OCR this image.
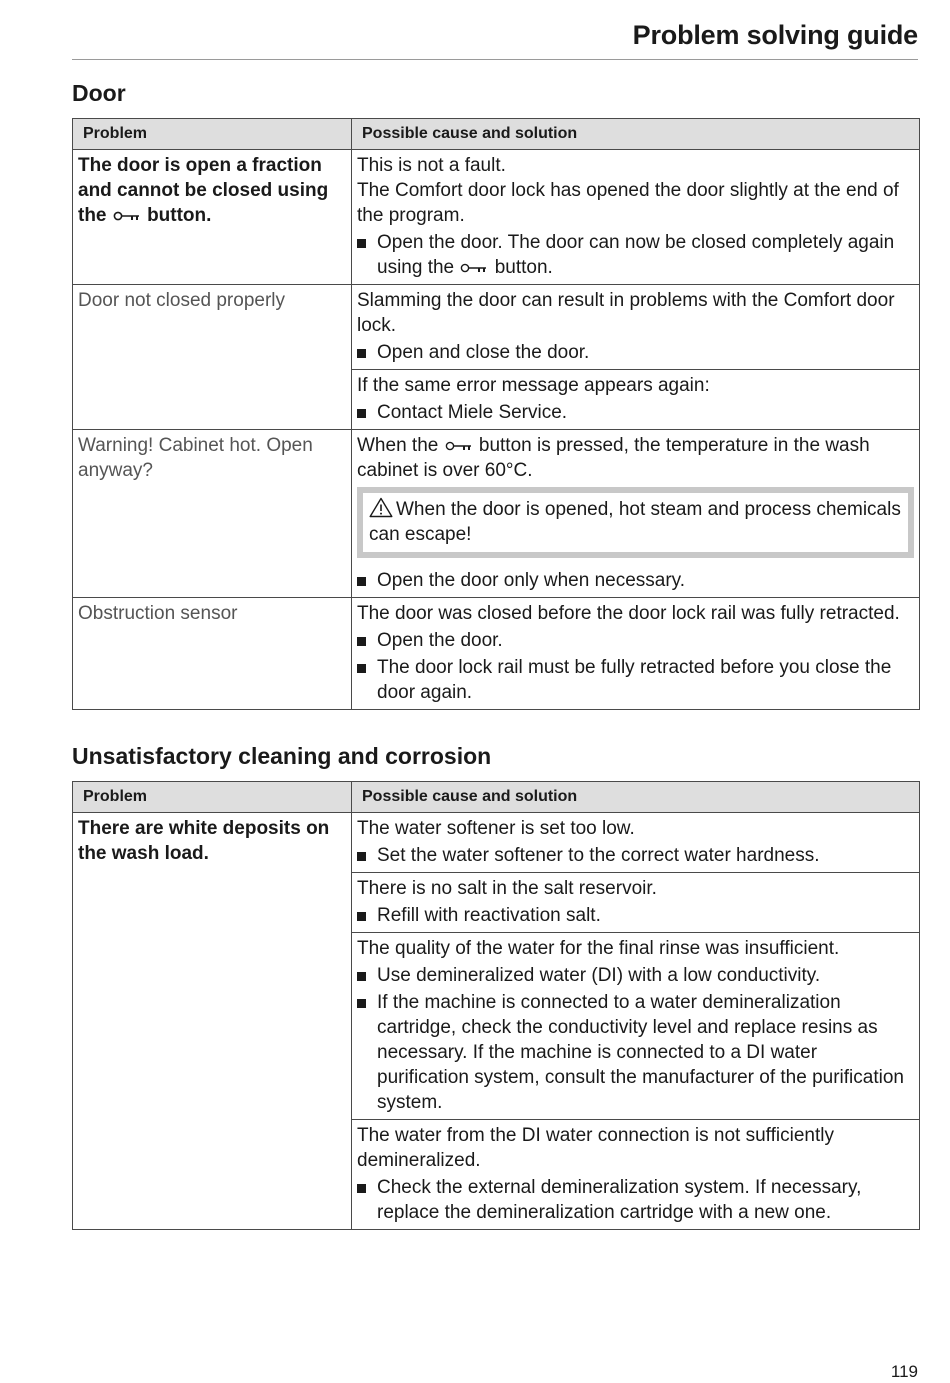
Problem solving guide
Door
Problem	Possible cause and solution
The door is open a fraction and cannot be closed using the button.	This is not a fault.
The Comfort door lock has opened the door slightly at the end of the program.
Open the door. The door can now be closed completely again using the button.

Door not closed properly	Slamming the door can result in problems with the Comfort door lock.
Open and close the door.

	If the same error message appears again:
Contact Miele Service.

Warning! Cabinet hot. Open anyway?	When the button is pressed, the temperature in the wash cabinet is over 60°C.
When the door is opened, hot steam and process chemicals can escape!
Open the door only when necessary.

Obstruction sensor	The door was closed before the door lock rail was fully retracted.
Open the door.
The door lock rail must be fully retracted before you close the door again.
Unsatisfactory cleaning and corrosion
Problem	Possible cause and solution
There are white deposits on the wash load.	The water softener is set too low.
Set the water softener to the correct water hardness.

	There is no salt in the salt reservoir.
Refill with reactivation salt.

	The quality of the water for the final rinse was insufficient.
Use demineralized water (DI) with a low conductivity.
If the machine is connected to a water demineralization cartridge, check the conductivity level and replace resins as necessary. If the machine is connected to a DI water purification system, consult the manufacturer of the purification system.

	The water from the DI water connection is not sufficiently demineralized.
Check the external demineralization system. If necessary, replace the demineralization cartridge with a new one.
119
